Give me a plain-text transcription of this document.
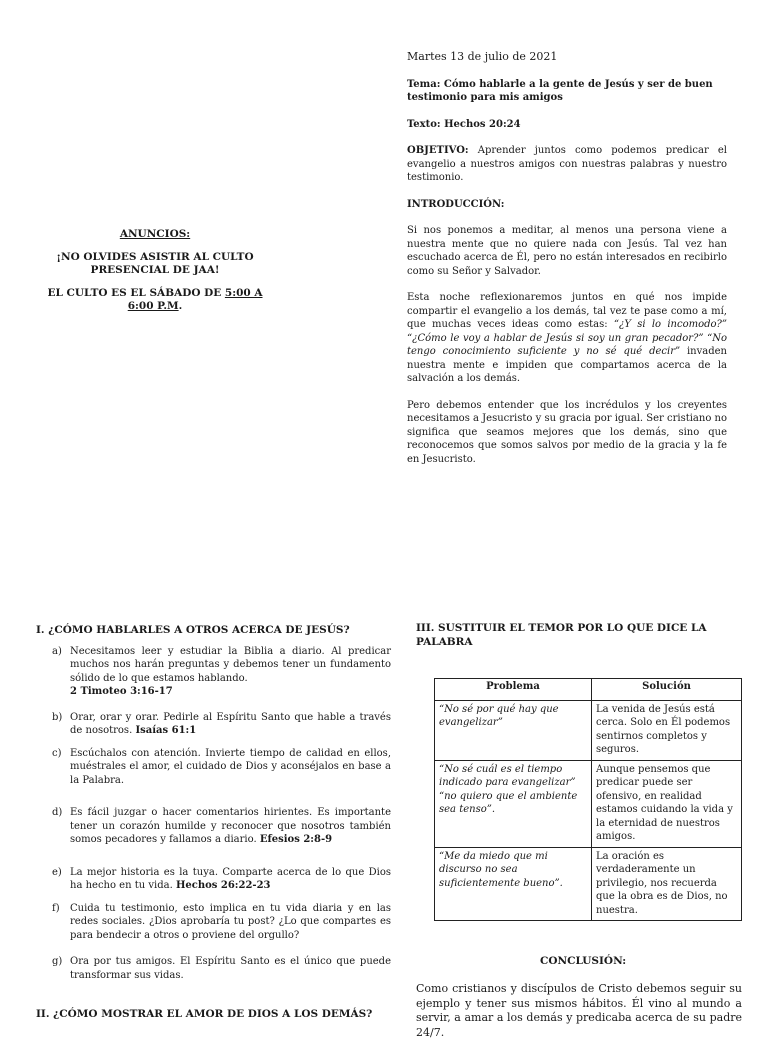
ANUNCIOS:
¡NO OLVIDES ASISTIR AL CULTO PRESENCIAL DE JAA!
EL CULTO ES EL SÁBADO DE 5:00 A 6:00 P.M.
Martes 13 de julio de 2021

Tema: Cómo hablarle a la gente de Jesús y ser de buen testimonio para mis amigos

Texto: Hechos 20:24

OBJETIVO: Aprender juntos como podemos predicar el evangelio a nuestros amigos con nuestras palabras y nuestro testimonio.

INTRODUCCIÓN:

Si nos ponemos a meditar, al menos una persona viene a nuestra mente que no quiere nada con Jesús. Tal vez han escuchado acerca de Él, pero no están interesados en recibirlo como su Señor y Salvador.

Esta noche reflexionaremos juntos en qué nos impide compartir el evangelio a los demás, tal vez te pase como a mí, que muchas veces ideas como estas: “¿Y si lo incomodo?” “¿Cómo le voy a hablar de Jesús si soy un gran pecador?” “No tengo conocimiento suficiente y no sé qué decir” invaden nuestra mente e impiden que compartamos acerca de la salvación a los demás.

Pero debemos entender que los incrédulos y los creyentes necesitamos a Jesucristo y su gracia por igual. Ser cristiano no significa que seamos mejores que los demás, sino que reconocemos que somos salvos por medio de la gracia y la fe en Jesucristo.

I. ¿CÓMO HABLARLES A OTROS ACERCA DE JESÚS?
a) Necesitamos leer y estudiar la Biblia a diario. Al predicar muchos nos harán preguntas y debemos tener un fundamento sólido de lo que estamos hablando.
2 Timoteo 3:16-17
b) Orar, orar y orar. Pedirle al Espíritu Santo que hable a través de nosotros. Isaías 61:1
c) Escúchalos con atención. Invierte tiempo de calidad en ellos, muéstrales el amor, el cuidado de Dios y aconséjalos en base a la Palabra.
d) Es fácil juzgar o hacer comentarios hirientes. Es importante tener un corazón humilde y reconocer que nosotros también somos pecadores y fallamos a diario. Efesios 2:8-9
e) La mejor historia es la tuya. Comparte acerca de lo que Dios ha hecho en tu vida. Hechos 26:22-23
f) Cuida tu testimonio, esto implica en tu vida diaria y en las redes sociales. ¿Dios aprobaría tu post? ¿Lo que compartes es para bendecir a otros o proviene del orgullo?
g) Ora por tus amigos. El Espíritu Santo es el único que puede transformar sus vidas.
II. ¿CÓMO MOSTRAR EL AMOR DE DIOS A LOS DEMÁS?
III. SUSTITUIR EL TEMOR POR LO QUE DICE LA PALABRA
Problema	Solución
“No sé por qué hay que evangelizar”	La venida de Jesús está cerca. Solo en Él podemos sentirnos completos y seguros.
“No sé cuál es el tiempo indicado para evangelizar” “no quiero que el ambiente sea tenso”.	Aunque pensemos que predicar puede ser ofensivo, en realidad estamos cuidando la vida y la eternidad de nuestros amigos.
“Me da miedo que mi discurso no sea suficientemente bueno”.	La oración es verdaderamente un privilegio, nos recuerda que la obra es de Dios, no nuestra.
CONCLUSIÓN:

Como cristianos y discípulos de Cristo debemos seguir su ejemplo y tener sus mismos hábitos. Él vino al mundo a servir, a amar a los demás y predicaba acerca de su padre 24/7.
